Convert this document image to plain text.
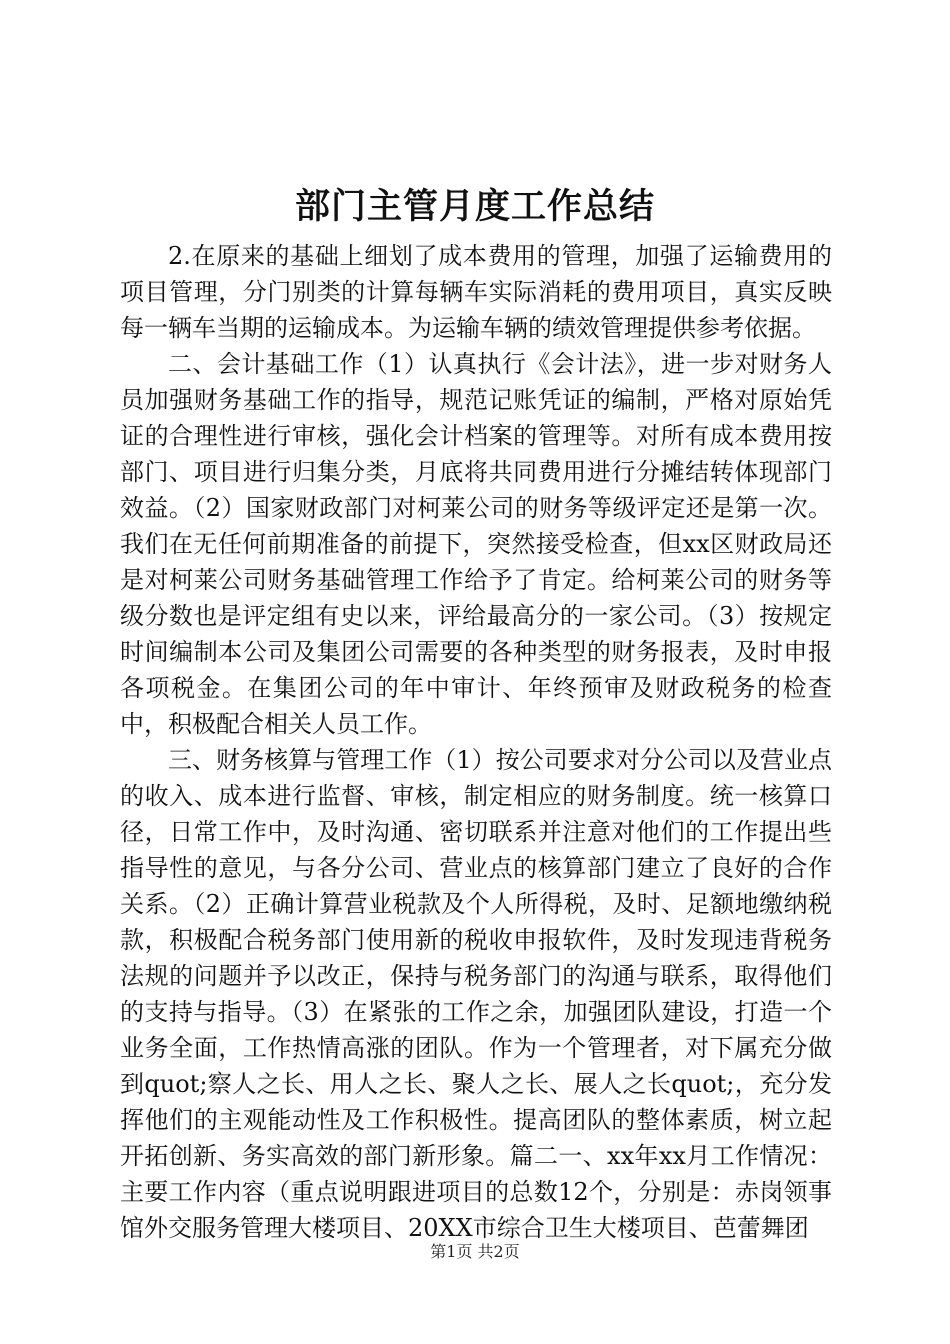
部门主管月度工作总结

2.在原来的基础上细划了成本费用的管理，加强了运输费用的项目管理，分门别类的计算每辆车实际消耗的费用项目，真实反映每一辆车当期的运输成本。为运输车辆的绩效管理提供参考依据。

二、会计基础工作（1）认真执行《会计法》，进一步对财务人员加强财务基础工作的指导，规范记账凭证的编制，严格对原始凭证的合理性进行审核，强化会计档案的管理等。对所有成本费用按部门、项目进行归集分类，月底将共同费用进行分摊结转体现部门效益。（2）国家财政部门对柯莱公司的财务等级评定还是第一次。我们在无任何前期准备的前提下，突然接受检查，但xx区财政局还是对柯莱公司财务基础管理工作给予了肯定。给柯莱公司的财务等级分数也是评定组有史以来，评给最高分的一家公司。（3）按规定时间编制本公司及集团公司需要的各种类型的财务报表，及时申报各项税金。在集团公司的年中审计、年终预审及财政税务的检查中，积极配合相关人员工作。

三、财务核算与管理工作（1）按公司要求对分公司以及营业点的收入、成本进行监督、审核，制定相应的财务制度。统一核算口径，日常工作中，及时沟通、密切联系并注意对他们的工作提出些指导性的意见，与各分公司、营业点的核算部门建立了良好的合作关系。（2）正确计算营业税款及个人所得税，及时、足额地缴纳税款，积极配合税务部门使用新的税收申报软件，及时发现违背税务法规的问题并予以改正，保持与税务部门的沟通与联系，取得他们的支持与指导。（3）在紧张的工作之余，加强团队建设，打造一个业务全面，工作热情高涨的团队。作为一个管理者，对下属充分做到quot;察人之长、用人之长、聚人之长、展人之长quot;，充分发挥他们的主观能动性及工作积极性。提高团队的整体素质，树立起开拓创新、务实高效的部门新形象。篇二一、xx年xx月工作情况：主要工作内容（重点说明跟进项目的总数12个，分别是：赤岗领事馆外交服务管理大楼项目、20XX市综合卫生大楼项目、芭蕾舞团

第1页 共2页
